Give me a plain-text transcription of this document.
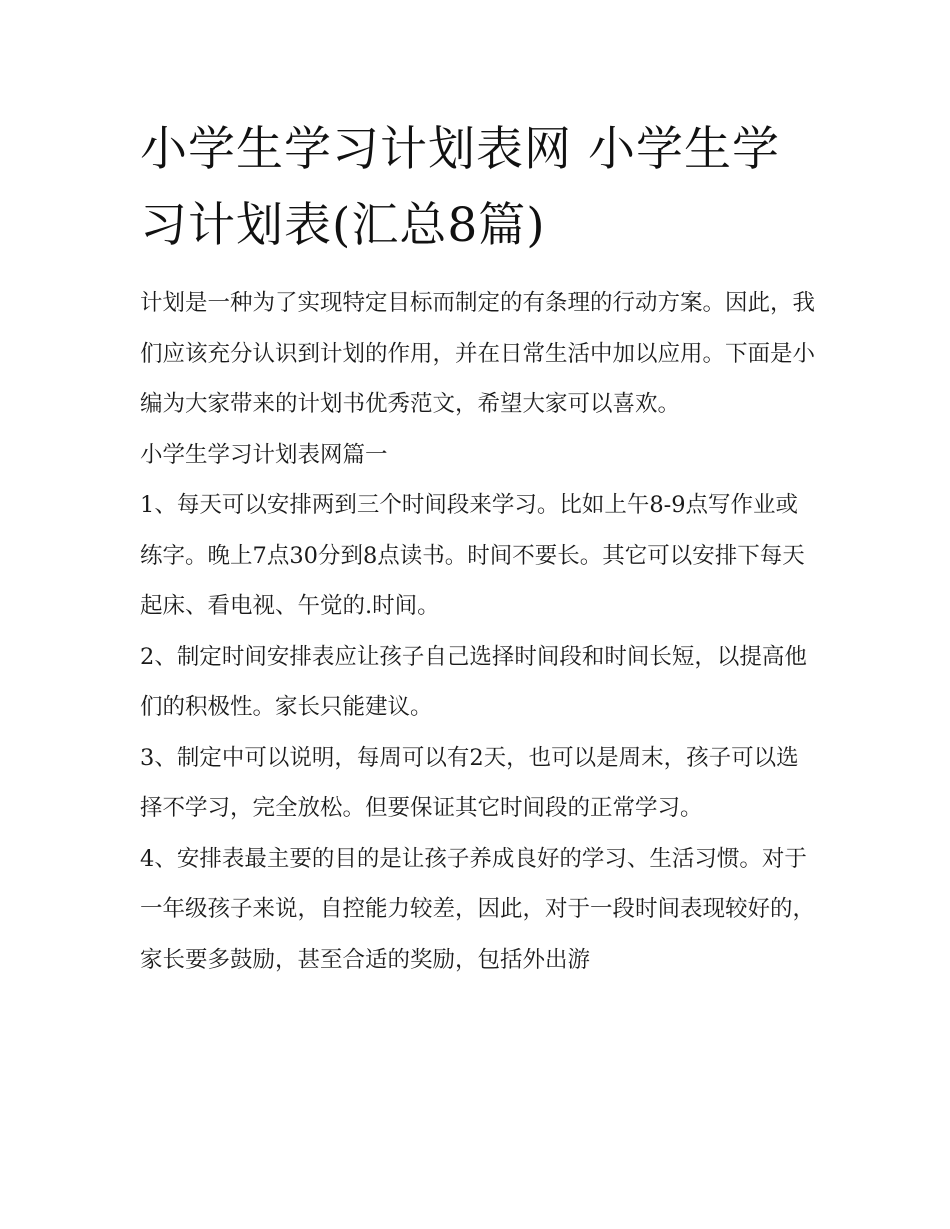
小学生学习计划表网 小学生学习计划表(汇总8篇)

计划是一种为了实现特定目标而制定的有条理的行动方案。因此，我们应该充分认识到计划的作用，并在日常生活中加以应用。下面是小编为大家带来的计划书优秀范文，希望大家可以喜欢。

小学生学习计划表网篇一

1、每天可以安排两到三个时间段来学习。比如上午8-9点写作业或练字。晚上7点30分到8点读书。时间不要长。其它可以安排下每天起床、看电视、午觉的.时间。

2、制定时间安排表应让孩子自己选择时间段和时间长短，以提高他们的积极性。家长只能建议。

3、制定中可以说明，每周可以有2天，也可以是周末，孩子可以选择不学习，完全放松。但要保证其它时间段的正常学习。

4、安排表最主要的目的是让孩子养成良好的学习、生活习惯。对于一年级孩子来说，自控能力较差，因此，对于一段时间表现较好的，家长要多鼓励，甚至合适的奖励，包括外出游
